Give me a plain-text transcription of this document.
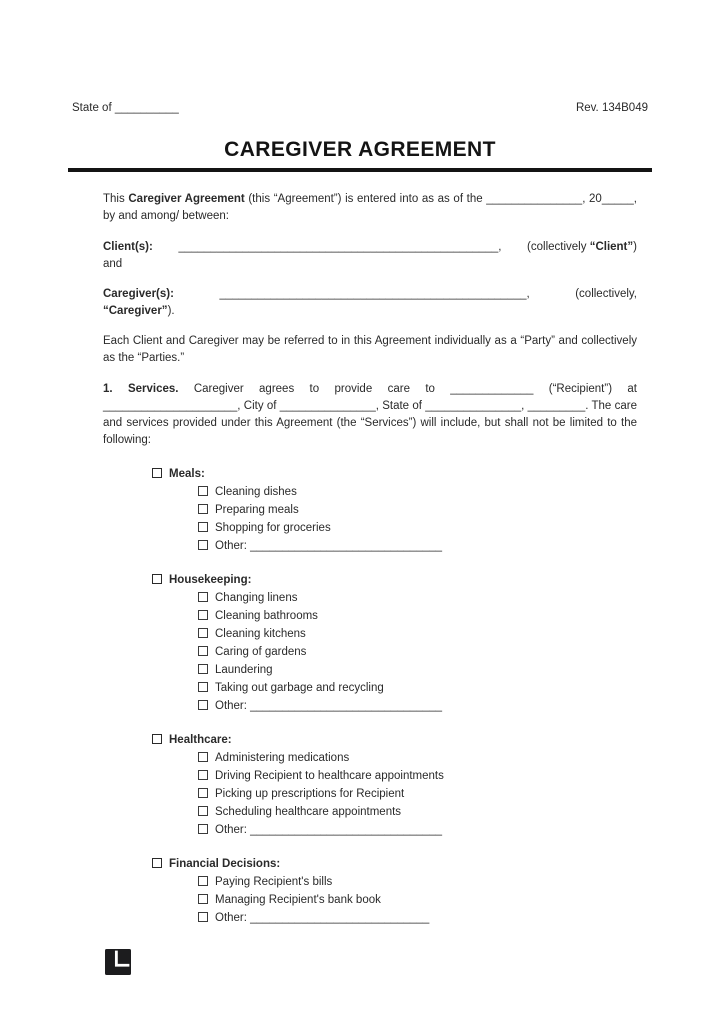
State of __________	Rev. 134B049
CAREGIVER AGREEMENT

This Caregiver Agreement (this “Agreement”) is entered into as as of the _______________, 20_____, by and among/ between:

Client(s): __________________________________________________, (collectively “Client”)
and
Caregiver(s):	________________________________________________,	(collectively,
“Caregiver”).

Each Client and Caregiver may be referred to in this Agreement individually as a “Party” and collectively as the “Parties.”

1. Services. Caregiver agrees to provide care to _____________ (“Recipient”) at _____________________, City of _______________, State of _______________, _________. The care and services provided under this Agreement (the “Services”) will include, but shall not be limited to the following:

Meals:
Cleaning dishes
Preparing meals
Shopping for groceries
Other: ______________________________
Housekeeping:
Changing linens
Cleaning bathrooms
Cleaning kitchens
Caring of gardens
Laundering
Taking out garbage and recycling
Other: ______________________________
Healthcare:
Administering medications
Driving Recipient to healthcare appointments
Picking up prescriptions for Recipient
Scheduling healthcare appointments
Other: ______________________________
Financial Decisions:
Paying Recipient's bills
Managing Recipient's bank book
Other: ____________________________
